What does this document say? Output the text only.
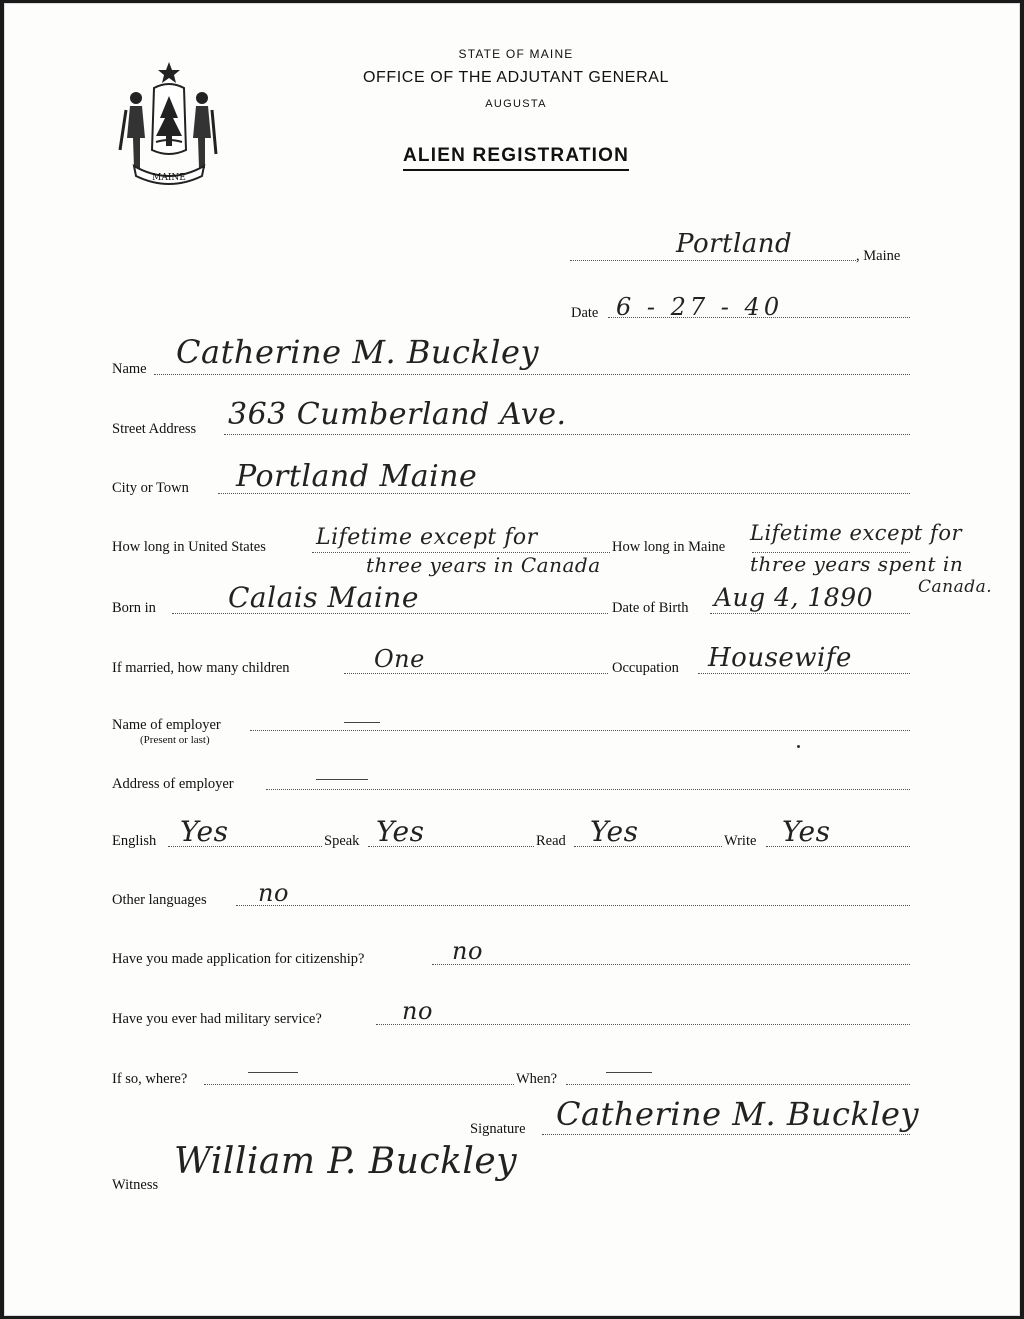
MAINE
STATE OF MAINE
OFFICE OF THE ADJUTANT GENERAL
AUGUSTA
ALIEN REGISTRATION
Portland	, Maine
Date 6 - 27 - 40
Name Catherine M. Buckley
Street Address 363 Cumberland Ave.
City or Town Portland Maine
How long in United States Lifetime except for
three years in Canada
How long in Maine
Lifetime except for
three years spent in
Canada.
Born in	Calais Maine	Date of Birth Aug 4, 1890
If married, how many children	One	Occupation Housewife
Name of employer
(Present or last)
Address of employer
English Yes	Speak Yes	Read Yes	Write Yes
Other languages no
Have you made application for citizenship?	no
Have you ever had military service?	no
If so, where?	When?
Signature Catherine M. Buckley
Witness
William P. Buckley
